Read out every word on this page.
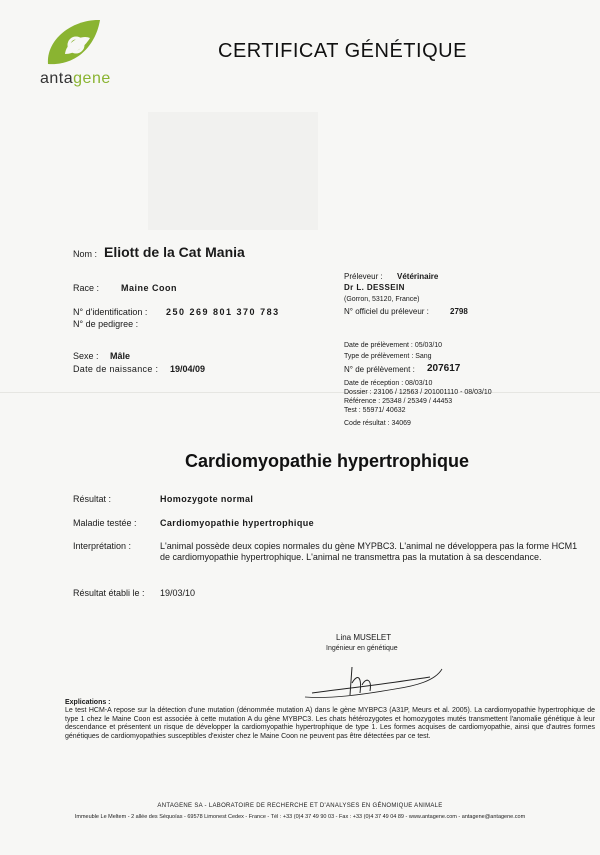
antagene
CERTIFICAT GÉNÉTIQUE
Nom : Eliott de la Cat Mania
Race : Maine Coon
N° d'identification : 250 269 801 370 783
N° de pedigree :
Sexe : Mâle
Date de naissance : 19/04/09
Préleveur : Vétérinaire
Dr L. DESSEIN
(Gorron, 53120, France)
N° officiel du préleveur :	2798
Date de prélèvement : 05/03/10
Type de prélèvement : Sang
N° de prélèvement : 207617
Date de réception : 08/03/10
Dossier : 23106 / 12563 / 201001110 - 08/03/10
Référence : 25348 / 25349 / 44453
Test : 55971/ 40632
Code résultat : 34069
Cardiomyopathie hypertrophique
Résultat :	Homozygote normal
Maladie testée :	Cardiomyopathie hypertrophique
Interprétation :	L'animal possède deux copies normales du gène MYPBC3. L'animal ne développera pas la forme HCM1 de cardiomyopathie hypertrophique. L'animal ne transmettra pas la mutation à sa descendance.
Résultat établi le : 19/03/10
Lina MUSELET
Ingénieur en génétique
Explications :
Le test HCM-A repose sur la détection d'une mutation (dénommée mutation A) dans le gène MYBPC3 (A31P, Meurs et al. 2005). La cardiomyopathie hypertrophique de type 1 chez le Maine Coon est associée à cette mutation A du gène MYBPC3. Les chats hétérozygotes et homozygotes mutés transmettent l'anomalie génétique à leur descendance et présentent un risque de développer la cardiomyopathie hypertrophique de type 1. Les formes acquises de cardiomyopathie, ainsi que d'autres formes génétiques de cardiomyopathies susceptibles d'exister chez le Maine Coon ne peuvent pas être détectées par ce test.
ANTAGENE SA - LABORATOIRE DE RECHERCHE ET D'ANALYSES EN GÉNOMIQUE ANIMALE
Immeuble Le Meltem - 2 allée des Séquoïas - 69578 Limonest Cedex - France - Tél : +33 (0)4 37 49 90 03 - Fax : +33 (0)4 37 49 04 89 - www.antagene.com - antagene@antagene.com
